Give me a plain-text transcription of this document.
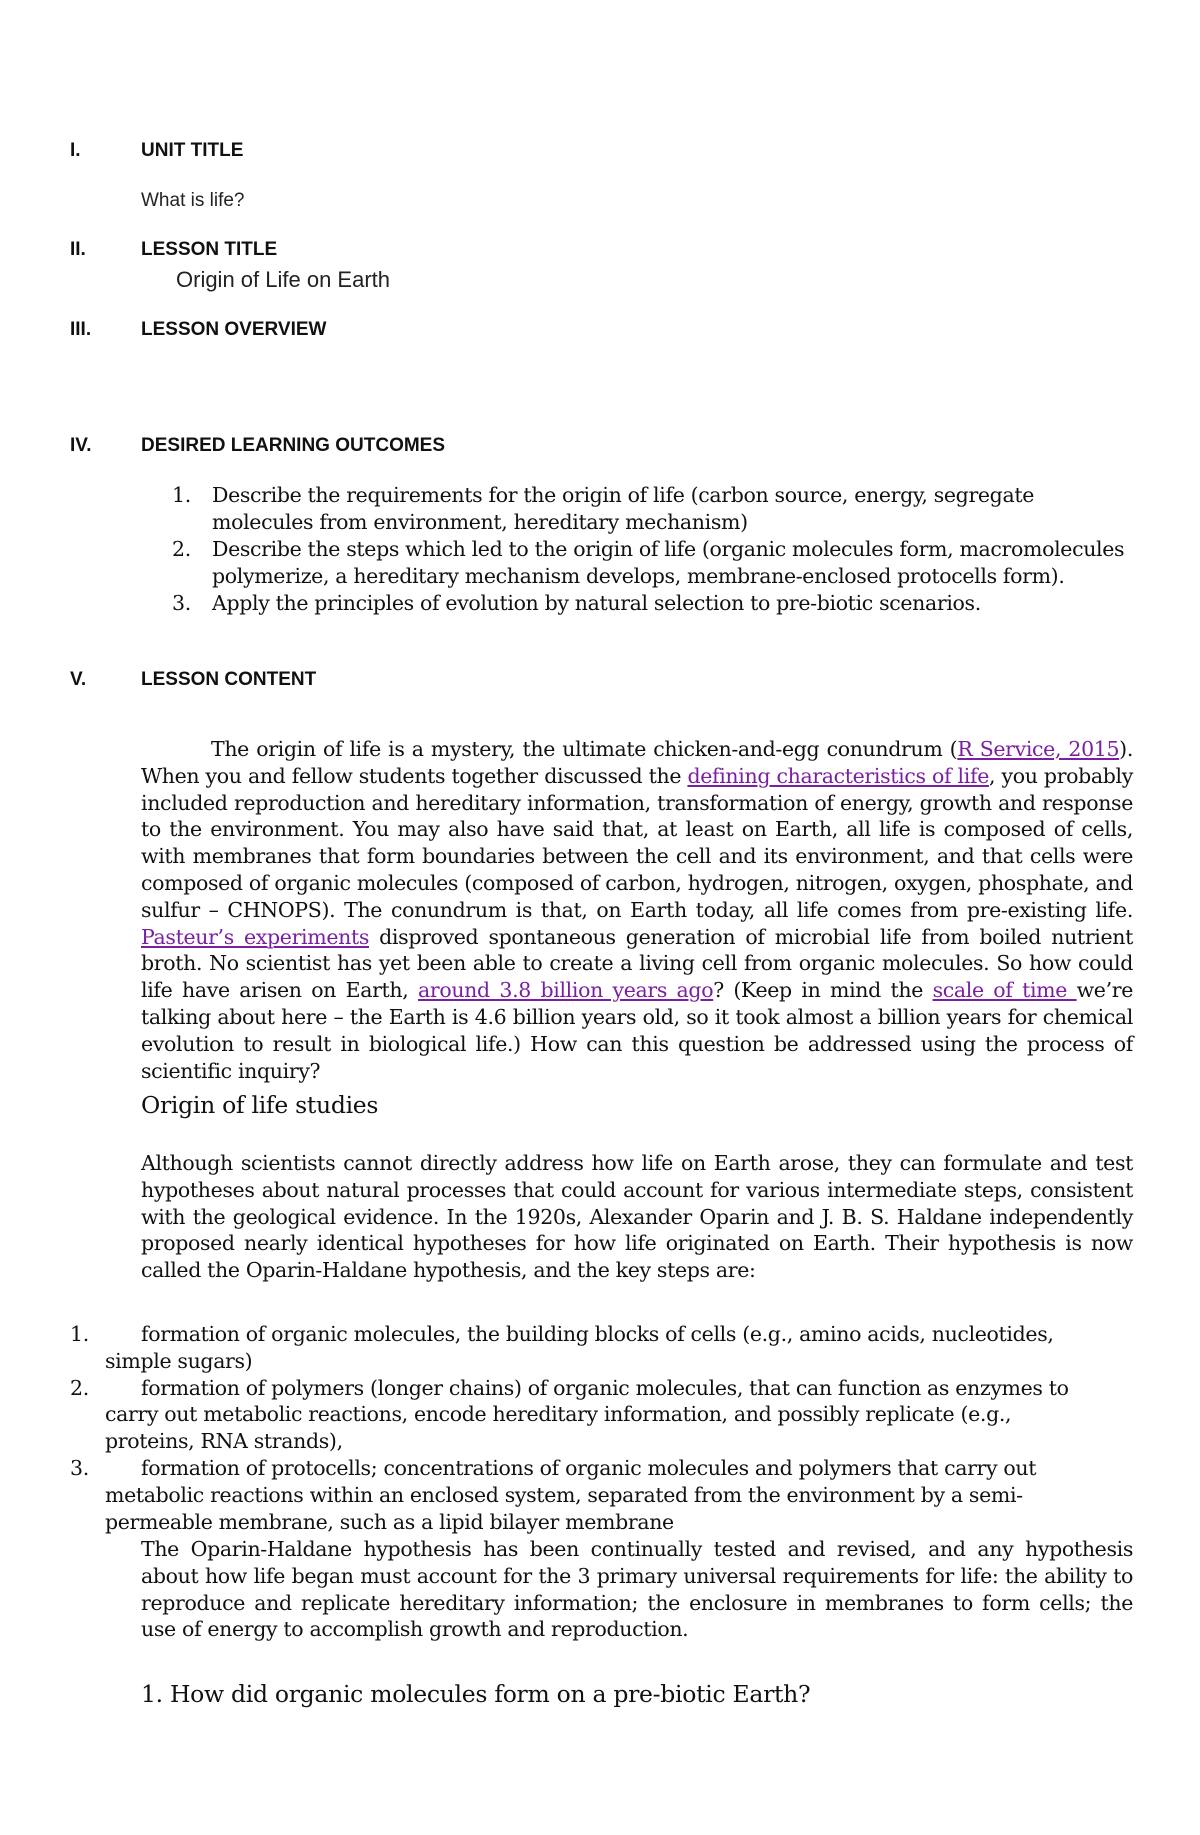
I.	UNIT TITLE
What is life?
II.	LESSON TITLE
Origin of Life on Earth
III.	LESSON OVERVIEW
IV.	DESIRED LEARNING OUTCOMES
1. Describe the requirements for the origin of life (carbon source, energy, segregate molecules from environment, hereditary mechanism)
2. Describe the steps which led to the origin of life (organic molecules form, macromolecules polymerize, a hereditary mechanism develops, membrane-enclosed protocells form).
3. Apply the principles of evolution by natural selection to pre-biotic scenarios.
V.	LESSON CONTENT

The origin of life is a mystery, the ultimate chicken-and-egg conundrum (R Service, 2015). When you and fellow students together discussed the defining characteristics of life, you probably included reproduction and hereditary information, transformation of energy, growth and response to the environment. You may also have said that, at least on Earth, all life is composed of cells, with membranes that form boundaries between the cell and its environment, and that cells were composed of organic molecules (composed of carbon, hydrogen, nitrogen, oxygen, phosphate, and sulfur – CHNOPS). The conundrum is that, on Earth today, all life comes from pre-existing life. Pasteur’s experiments disproved spontaneous generation of microbial life from boiled nutrient broth. No scientist has yet been able to create a living cell from organic molecules. So how could life have arisen on Earth, around 3.8 billion years ago? (Keep in mind the scale of time we’re talking about here – the Earth is 4.6 billion years old, so it took almost a billion years for chemical evolution to result in biological life.) How can this question be addressed using the process of scientific inquiry?

Origin of life studies

Although scientists cannot directly address how life on Earth arose, they can formulate and test hypotheses about natural processes that could account for various intermediate steps, consistent with the geological evidence. In the 1920s, Alexander Oparin and J. B. S. Haldane independently proposed nearly identical hypotheses for how life originated on Earth. Their hypothesis is now called the Oparin-Haldane hypothesis, and the key steps are:

1.	formation of organic molecules, the building blocks of cells (e.g., amino acids, nucleotides, simple sugars)
2.	formation of polymers (longer chains) of organic molecules, that can function as enzymes to carry out metabolic reactions, encode hereditary information, and possibly replicate (e.g., proteins, RNA strands),
3.	formation of protocells; concentrations of organic molecules and polymers that carry out metabolic reactions within an enclosed system, separated from the environment by a semi-permeable membrane, such as a lipid bilayer membrane

The Oparin-Haldane hypothesis has been continually tested and revised, and any hypothesis about how life began must account for the 3 primary universal requirements for life: the ability to reproduce and replicate hereditary information; the enclosure in membranes to form cells; the use of energy to accomplish growth and reproduction.

1. How did organic molecules form on a pre-biotic Earth?
